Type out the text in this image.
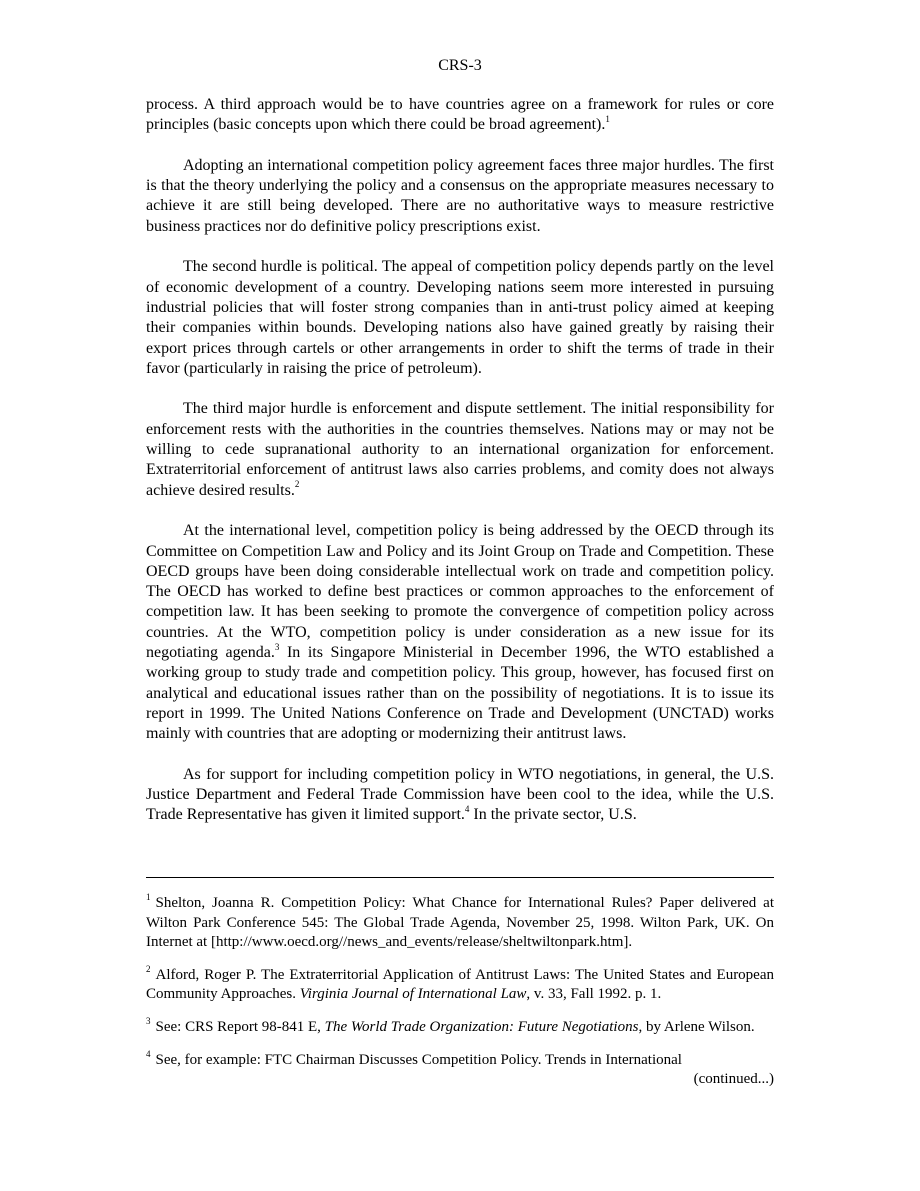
CRS-3

process. A third approach would be to have countries agree on a framework for rules or core principles (basic concepts upon which there could be broad agreement).$^1$

Adopting an international competition policy agreement faces three major hurdles. The first is that the theory underlying the policy and a consensus on the appropriate measures necessary to achieve it are still being developed. There are no authoritative ways to measure restrictive business practices nor do definitive policy prescriptions exist.

The second hurdle is political. The appeal of competition policy depends partly on the level of economic development of a country. Developing nations seem more interested in pursuing industrial policies that will foster strong companies than in anti-trust policy aimed at keeping their companies within bounds. Developing nations also have gained greatly by raising their export prices through cartels or other arrangements in order to shift the terms of trade in their favor (particularly in raising the price of petroleum).

The third major hurdle is enforcement and dispute settlement. The initial responsibility for enforcement rests with the authorities in the countries themselves. Nations may or may not be willing to cede supranational authority to an international organization for enforcement. Extraterritorial enforcement of antitrust laws also carries problems, and comity does not always achieve desired results.$^2$

At the international level, competition policy is being addressed by the OECD through its Committee on Competition Law and Policy and its Joint Group on Trade and Competition. These OECD groups have been doing considerable intellectual work on trade and competition policy. The OECD has worked to define best practices or common approaches to the enforcement of competition law. It has been seeking to promote the convergence of competition policy across countries. At the WTO, competition policy is under consideration as a new issue for its negotiating agenda.$^3$ In its Singapore Ministerial in December 1996, the WTO established a working group to study trade and competition policy. This group, however, has focused first on analytical and educational issues rather than on the possibility of negotiations. It is to issue its report in 1999. The United Nations Conference on Trade and Development (UNCTAD) works mainly with countries that are adopting or modernizing their antitrust laws.

As for support for including competition policy in WTO negotiations, in general, the U.S. Justice Department and Federal Trade Commission have been cool to the idea, while the U.S. Trade Representative has given it limited support.$^4$ In the private sector, U.S.

$^1$ Shelton, Joanna R. Competition Policy: What Chance for International Rules? Paper delivered at Wilton Park Conference 545: The Global Trade Agenda, November 25, 1998. Wilton Park, UK. On Internet at [http://www.oecd.org//news_and_events/release/sheltwiltonpark.htm].

$^2$ Alford, Roger P. The Extraterritorial Application of Antitrust Laws: The United States and European Community Approaches. Virginia Journal of International Law, v. 33, Fall 1992. p. 1.

$^3$ See: CRS Report 98-841 E, The World Trade Organization: Future Negotiations, by Arlene Wilson.

$^4$ See, for example: FTC Chairman Discusses Competition Policy. Trends in International

(continued...)
